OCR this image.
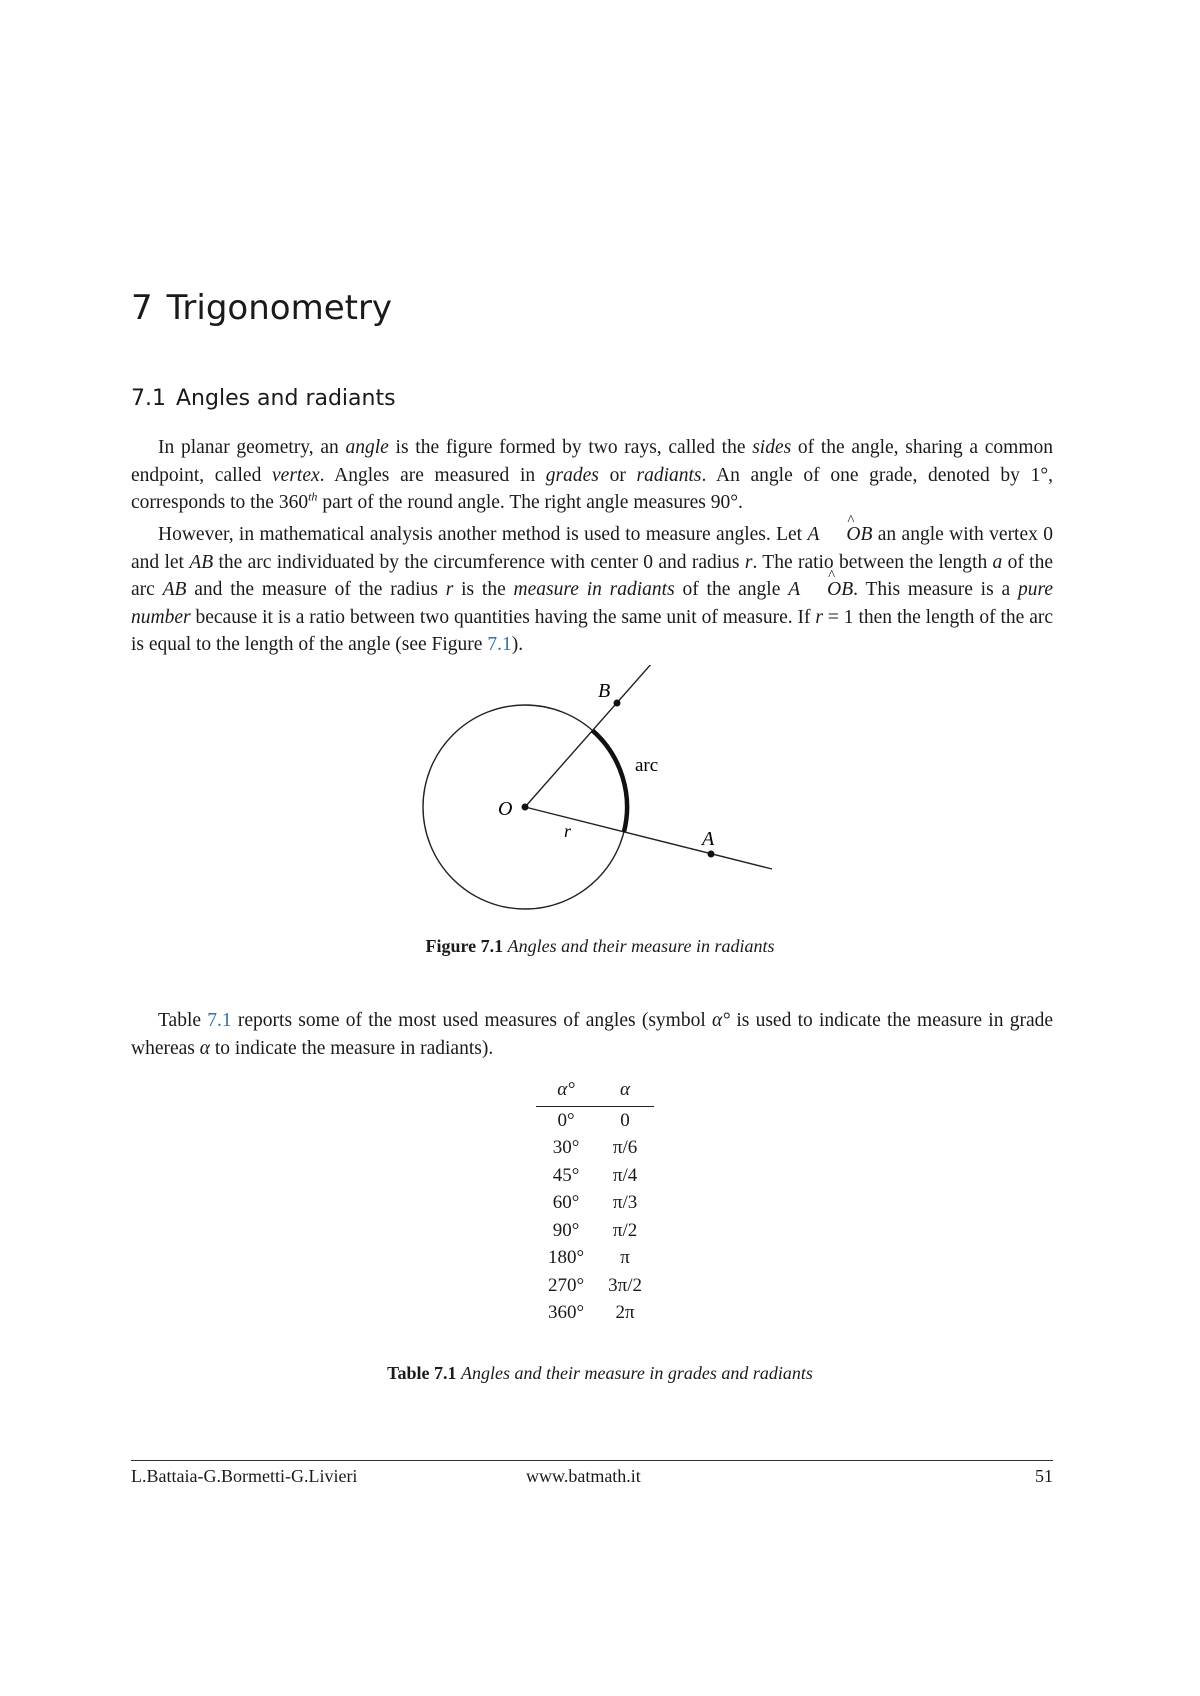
7 Trigonometry
7.1 Angles and radiants

In planar geometry, an angle is the figure formed by two rays, called the sides of the angle, sharing a common endpoint, called vertex. Angles are measured in grades or radiants. An angle of one grade, denoted by 1°, corresponds to the 360th part of the round angle. The right angle measures 90°.

However, in mathematical analysis another method is used to measure angles. Let A ^ OB an angle with vertex 0 and let AB the arc individuated by the circumference with center 0 and radius r. The ratio between the length a of the arc AB and the measure of the radius r is the measure in radiants of the angle A ^ OB. This measure is a pure number because it is a ratio between two quantities having the same unit of measure. If r = 1 then the length of the arc is equal to the length of the angle (see Figure 7.1).

B
O
arc
r	A

Figure 7.1 Angles and their measure in radiants

Table 7.1 reports some of the most used measures of angles (symbol α° is used to indicate the measure in grade whereas α to indicate the measure in radiants).

α°	α
0°	0
30°	π/6
45°	π/4
60°	π/3
90°	π/2
180°	π
270°	3π/2
360°	2π

Table 7.1 Angles and their measure in grades and radiants

L.Battaia-G.Bormetti-G.Livieri	www.batmath.it	51
